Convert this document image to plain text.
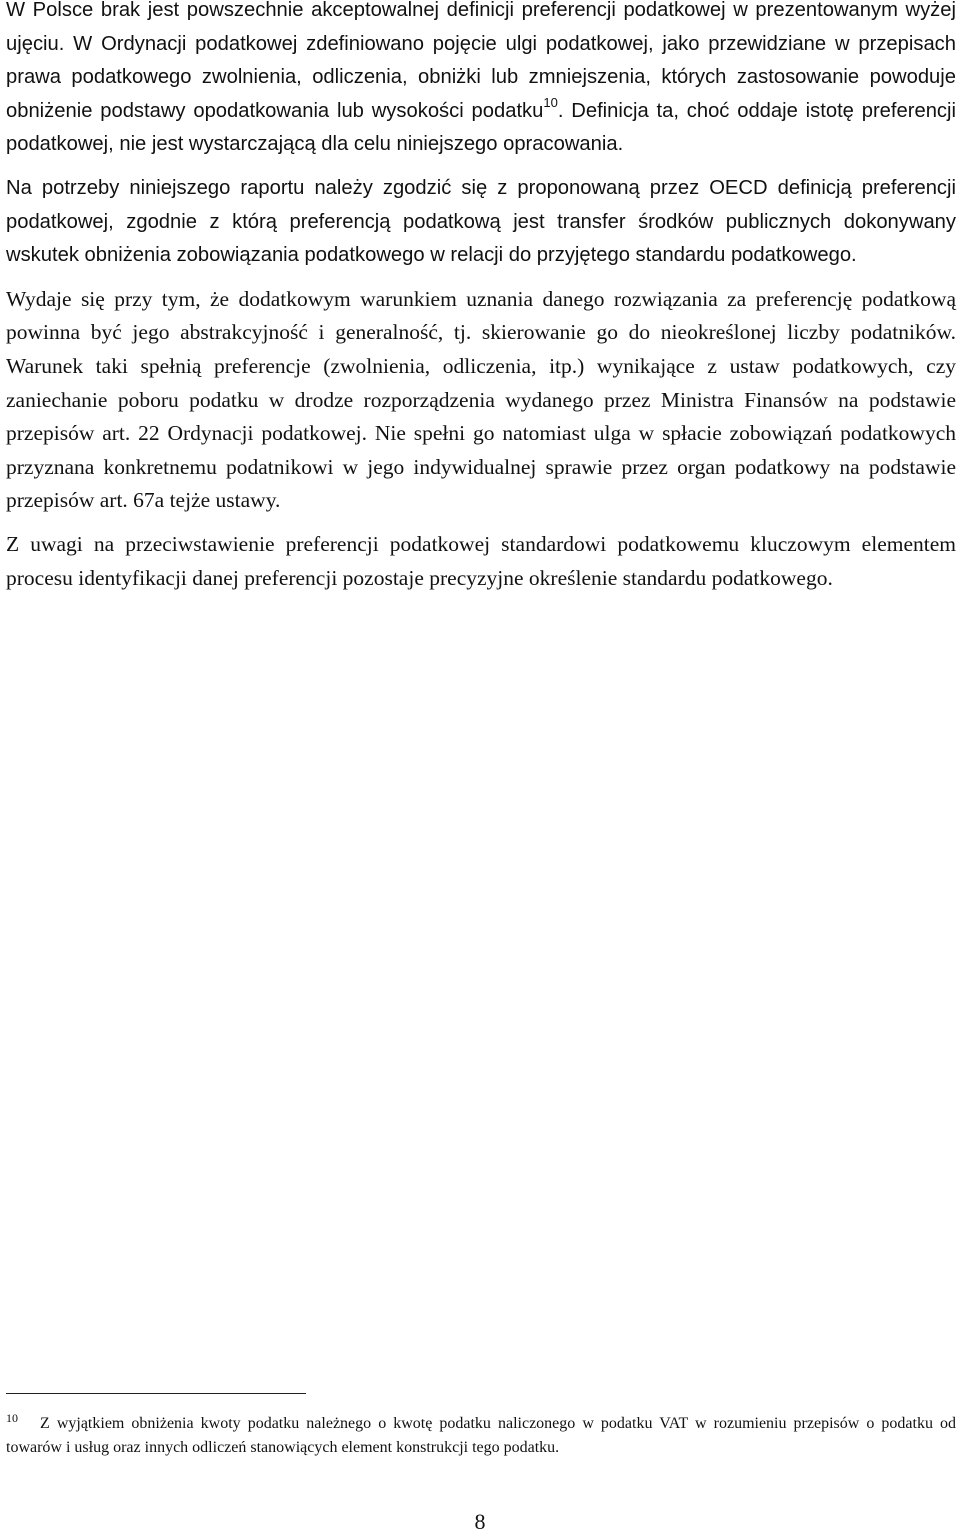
W Polsce brak jest powszechnie akceptowalnej definicji preferencji podatkowej w prezentowanym wyżej ujęciu. W Ordynacji podatkowej zdefiniowano pojęcie ulgi podatkowej, jako przewidziane w przepisach prawa podatkowego zwolnienia, odliczenia, obniżki lub zmniejszenia, których zastosowanie powoduje obniżenie podstawy opodatkowania lub wysokości podatku$^{10}$. Definicja ta, choć oddaje istotę preferencji podatkowej, nie jest wystarczającą dla celu niniejszego opracowania.

Na potrzeby niniejszego raportu należy zgodzić się z proponowaną przez OECD definicją preferencji podatkowej, zgodnie z którą preferencją podatkową jest transfer środków publicznych dokonywany wskutek obniżenia zobowiązania podatkowego w relacji do przyjętego standardu podatkowego.

Wydaje się przy tym, że dodatkowym warunkiem uznania danego rozwiązania za preferencję podatkową powinna być jego abstrakcyjność i generalność, tj. skierowanie go do nieokreślonej liczby podatników. Warunek taki spełnią preferencje (zwolnienia, odliczenia, itp.) wynikające z ustaw podatkowych, czy zaniechanie poboru podatku w drodze rozporządzenia wydanego przez Ministra Finansów na podstawie przepisów art. 22 Ordynacji podatkowej. Nie spełni go natomiast ulga w spłacie zobowiązań podatkowych przyznana konkretnemu podatnikowi w jego indywidualnej sprawie przez organ podatkowy na podstawie przepisów art. 67a tejże ustawy.

Z uwagi na przeciwstawienie preferencji podatkowej standardowi podatkowemu kluczowym elementem procesu identyfikacji danej preferencji pozostaje precyzyjne określenie standardu podatkowego.

10	Z wyjątkiem obniżenia kwoty podatku należnego o kwotę podatku naliczonego w podatku VAT w rozumieniu przepisów o podatku od towarów i usług oraz innych odliczeń stanowiących element konstrukcji tego podatku.
8
